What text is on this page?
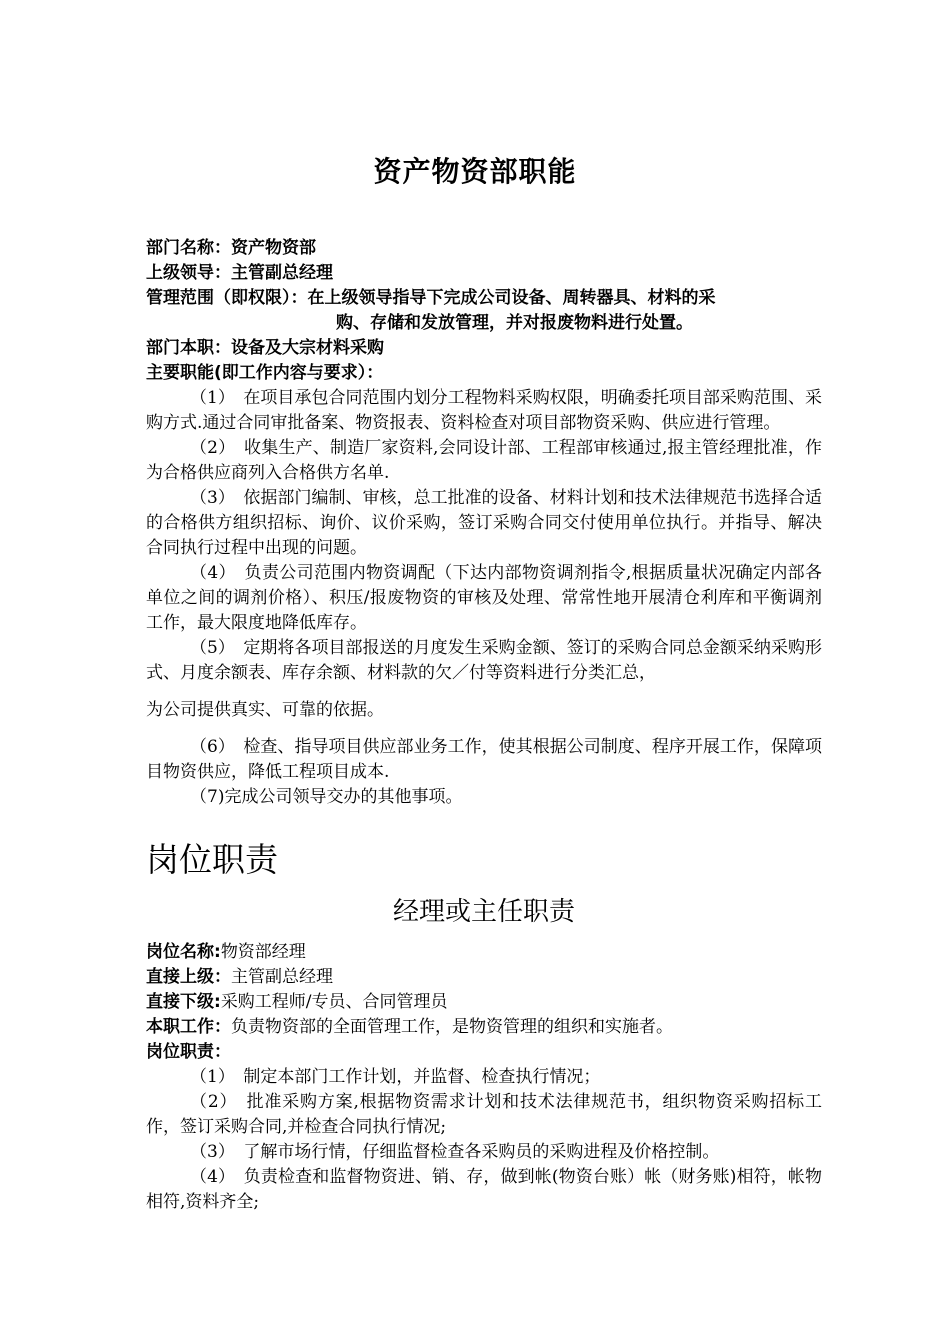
资产物资部职能
部门名称：资产物资部
上级领导：主管副总经理
管理范围（即权限）：在上级领导指导下完成公司设备、周转器具、材料的采
购、存储和发放管理，并对报废物料进行处置。
部门本职：设备及大宗材料采购
主要职能(即工作内容与要求）：
（1）　在项目承包合同范围内划分工程物料采购权限，明确委托项目部采购范围、采购方式.通过合同审批备案、物资报表、资料检查对项目部物资采购、供应进行管理。
（2）　收集生产、制造厂家资料,会同设计部、工程部审核通过,报主管经理批准，作为合格供应商列入合格供方名单.
（3）　依据部门编制、审核，总工批准的设备、材料计划和技术法律规范书选择合适的合格供方组织招标、询价、议价采购，签订采购合同交付使用单位执行。并指导、解决合同执行过程中出现的问题。
（4）　负责公司范围内物资调配（下达内部物资调剂指令,根据质量状况确定内部各单位之间的调剂价格）、积压/报废物资的审核及处理、常常性地开展清仓利库和平衡调剂工作，最大限度地降低库存。
（5）　定期将各项目部报送的月度发生采购金额、签订的采购合同总金额采纳采购形式、月度余额表、库存余额、材料款的欠／付等资料进行分类汇总，
为公司提供真实、可靠的依据。
（6）　检查、指导项目供应部业务工作，使其根据公司制度、程序开展工作，保障项目物资供应，降低工程项目成本.
（7)完成公司领导交办的其他事项。
岗位职责
经理或主任职责
岗位名称:物资部经理
直接上级：主管副总经理
直接下级:采购工程师/专员、合同管理员
本职工作：负责物资部的全面管理工作，是物资管理的组织和实施者。
岗位职责：
（1）　制定本部门工作计划，并监督、检查执行情况；
（2）　批准采购方案,根据物资需求计划和技术法律规范书，组织物资采购招标工作，签订采购合同,并检查合同执行情况;
（3）　了解市场行情，仔细监督检查各采购员的采购进程及价格控制。
（4）　负责检查和监督物资进、销、存，做到帐(物资台账）帐（财务账)相符，帐物相符,资料齐全;
